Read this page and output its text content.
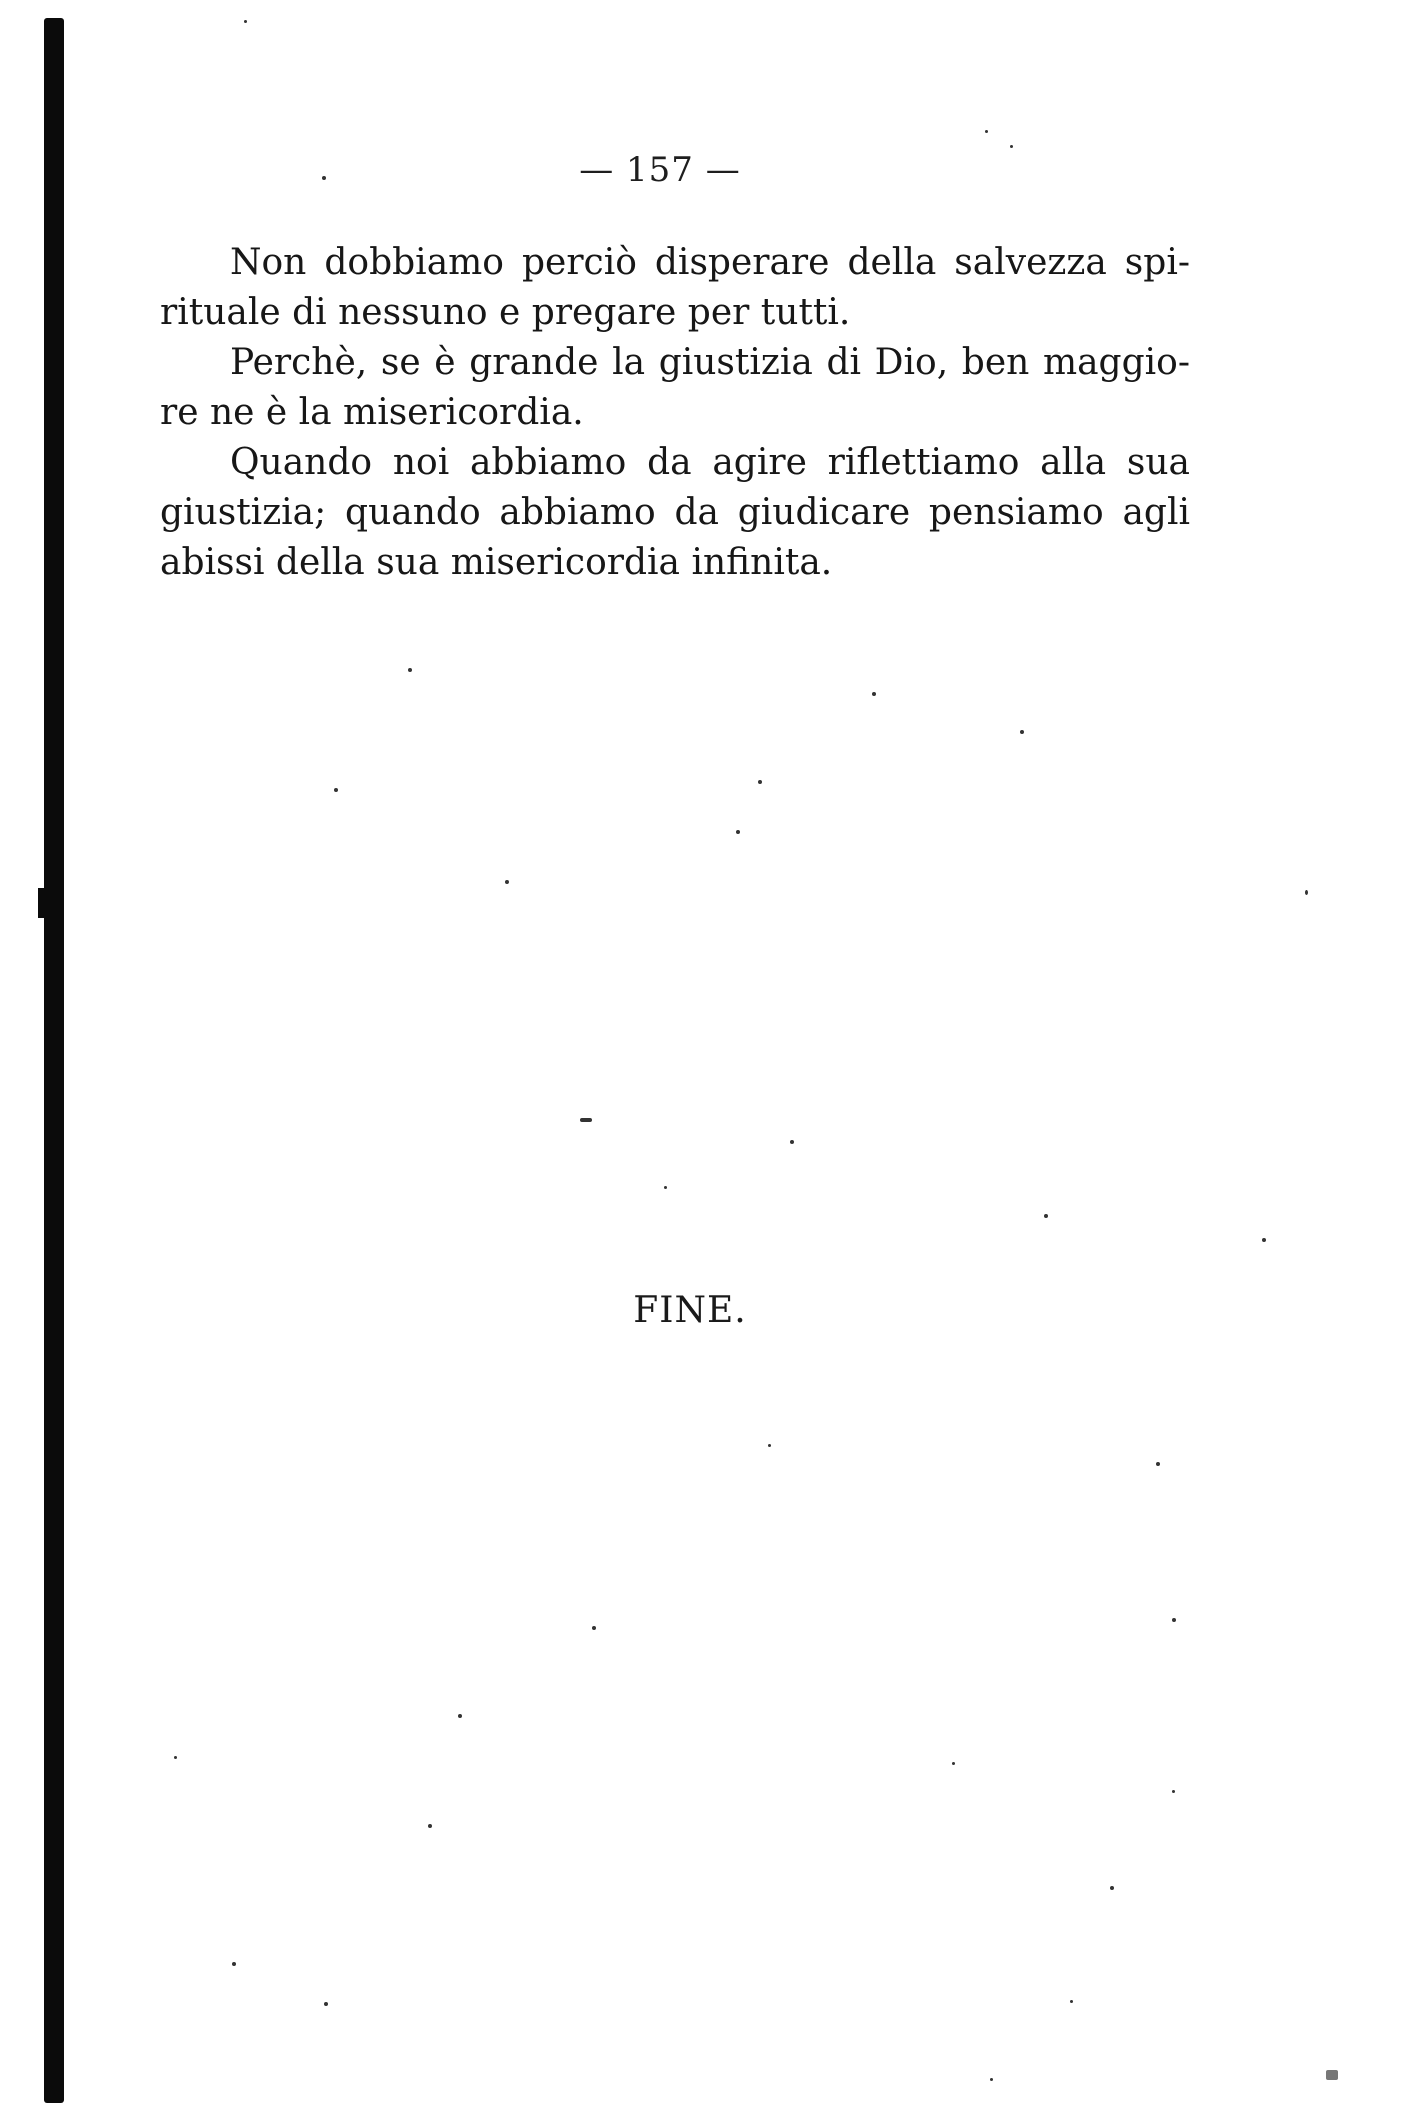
— 157 —

Non dobbiamo perciò disperare della salvezza spi-
rituale di nessuno e pregare per tutti.

Perchè, se è grande la giustizia di Dio, ben maggio-
re ne è la misericordia.

Quando noi abbiamo da agire riflettiamo alla sua
giustizia; quando abbiamo da giudicare pensiamo agli
abissi della sua misericordia infinita.

FINE.
